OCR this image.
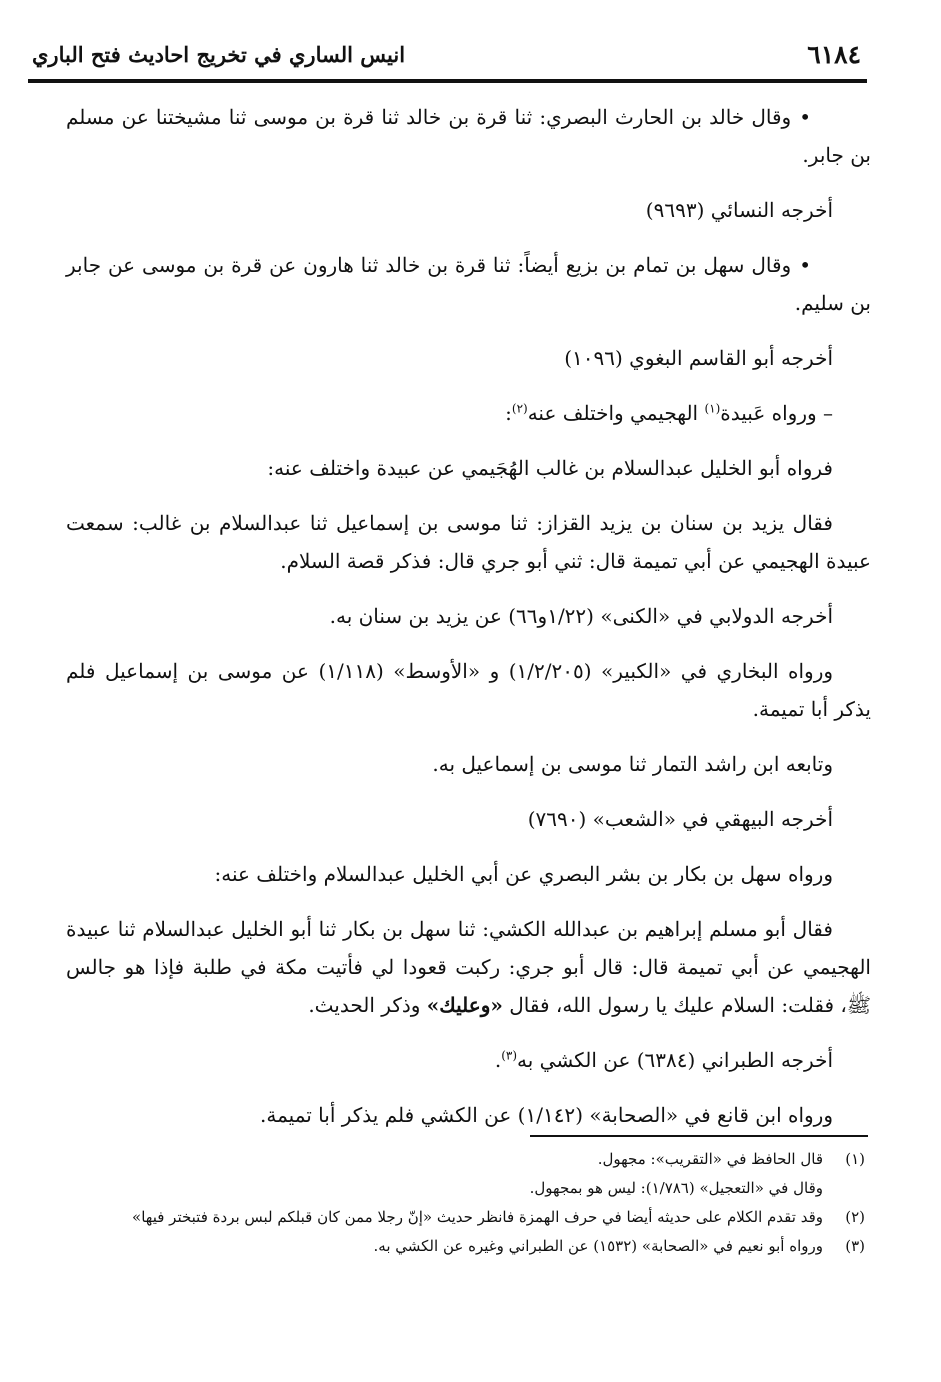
٦١٨٤
انيس الساري في تخريج احاديث فتح الباري

•وقال خالد بن الحارث البصري: ثنا قرة بن خالد ثنا قرة بن موسى ثنا مشيختنا عن مسلم بن جابر.

أخرجه النسائي (٩٦٩٣)

•وقال سهل بن تمام بن بزيع أيضاً: ثنا قرة بن خالد ثنا هارون عن قرة بن موسى عن جابر بن سليم.

أخرجه أبو القاسم البغوي (١٠٩٦)

– ورواه عَبيدة$^{(١)}$ الهجيمي واختلف عنه$^{(٢)}$:

فرواه أبو الخليل عبدالسلام بن غالب الهُجَيمي عن عبيدة واختلف عنه:

فقال يزيد بن سنان بن يزيد القزاز: ثنا موسى بن إسماعيل ثنا عبدالسلام بن غالب: سمعت عبيدة الهجيمي عن أبي تميمة قال: ثني أبو جري قال: فذكر قصة السلام.

أخرجه الدولابي في «الكنى» (١/٢٢و٦٦) عن يزيد بن سنان به.

ورواه البخاري في «الكبير» (١/٢/٢٠٥) و «الأوسط» (١/١١٨) عن موسى بن إسماعيل فلم يذكر أبا تميمة.

وتابعه ابن راشد التمار ثنا موسى بن إسماعيل به.

أخرجه البيهقي في «الشعب» (٧٦٩٠)

ورواه سهل بن بكار بن بشر البصري عن أبي الخليل عبدالسلام واختلف عنه:

فقال أبو مسلم إبراهيم بن عبدالله الكشي: ثنا سهل بن بكار ثنا أبو الخليل عبدالسلام ثنا عبيدة الهجيمي عن أبي تميمة قال: قال أبو جري: ركبت قعودا لي فأتيت مكة في طلبة فإذا هو جالس ﷺ، فقلت: السلام عليك يا رسول الله، فقال «وعليك» وذكر الحديث.

أخرجه الطبراني (٦٣٨٤) عن الكشي به$^{(٣)}$.

ورواه ابن قانع في «الصحابة» (١/١٤٢) عن الكشي فلم يذكر أبا تميمة.

(١)
قال الحافظ في «التقريب»: مجهول.

وقال في «التعجيل» (١/٧٨٦): ليس هو بمجهول.

(٢)
وقد تقدم الكلام على حديثه أيضا في حرف الهمزة فانظر حديث «إنّ رجلا ممن كان قبلكم لبس بردة فتبختر فيها»
(٣)
ورواه أبو نعيم في «الصحابة» (١٥٣٢) عن الطبراني وغيره عن الكشي به.
